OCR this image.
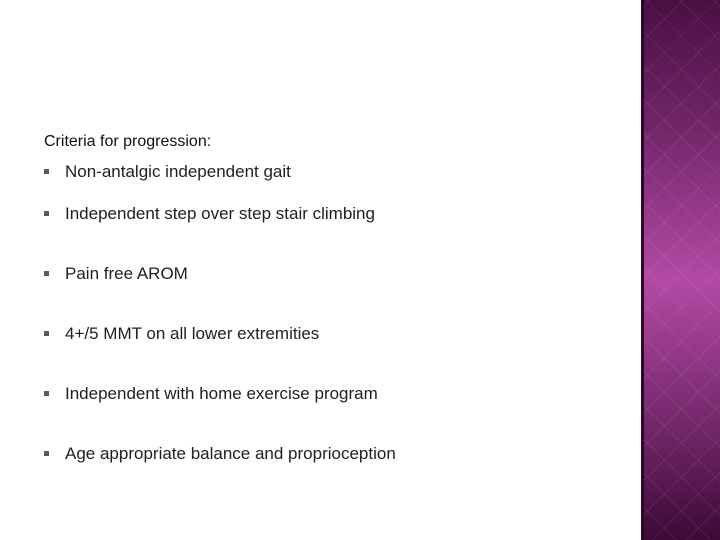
Criteria for progression:
Non-antalgic independent gait
Independent step over step stair climbing
Pain free AROM
4+/5 MMT on all lower extremities
Independent with home exercise program
Age appropriate balance and proprioception
